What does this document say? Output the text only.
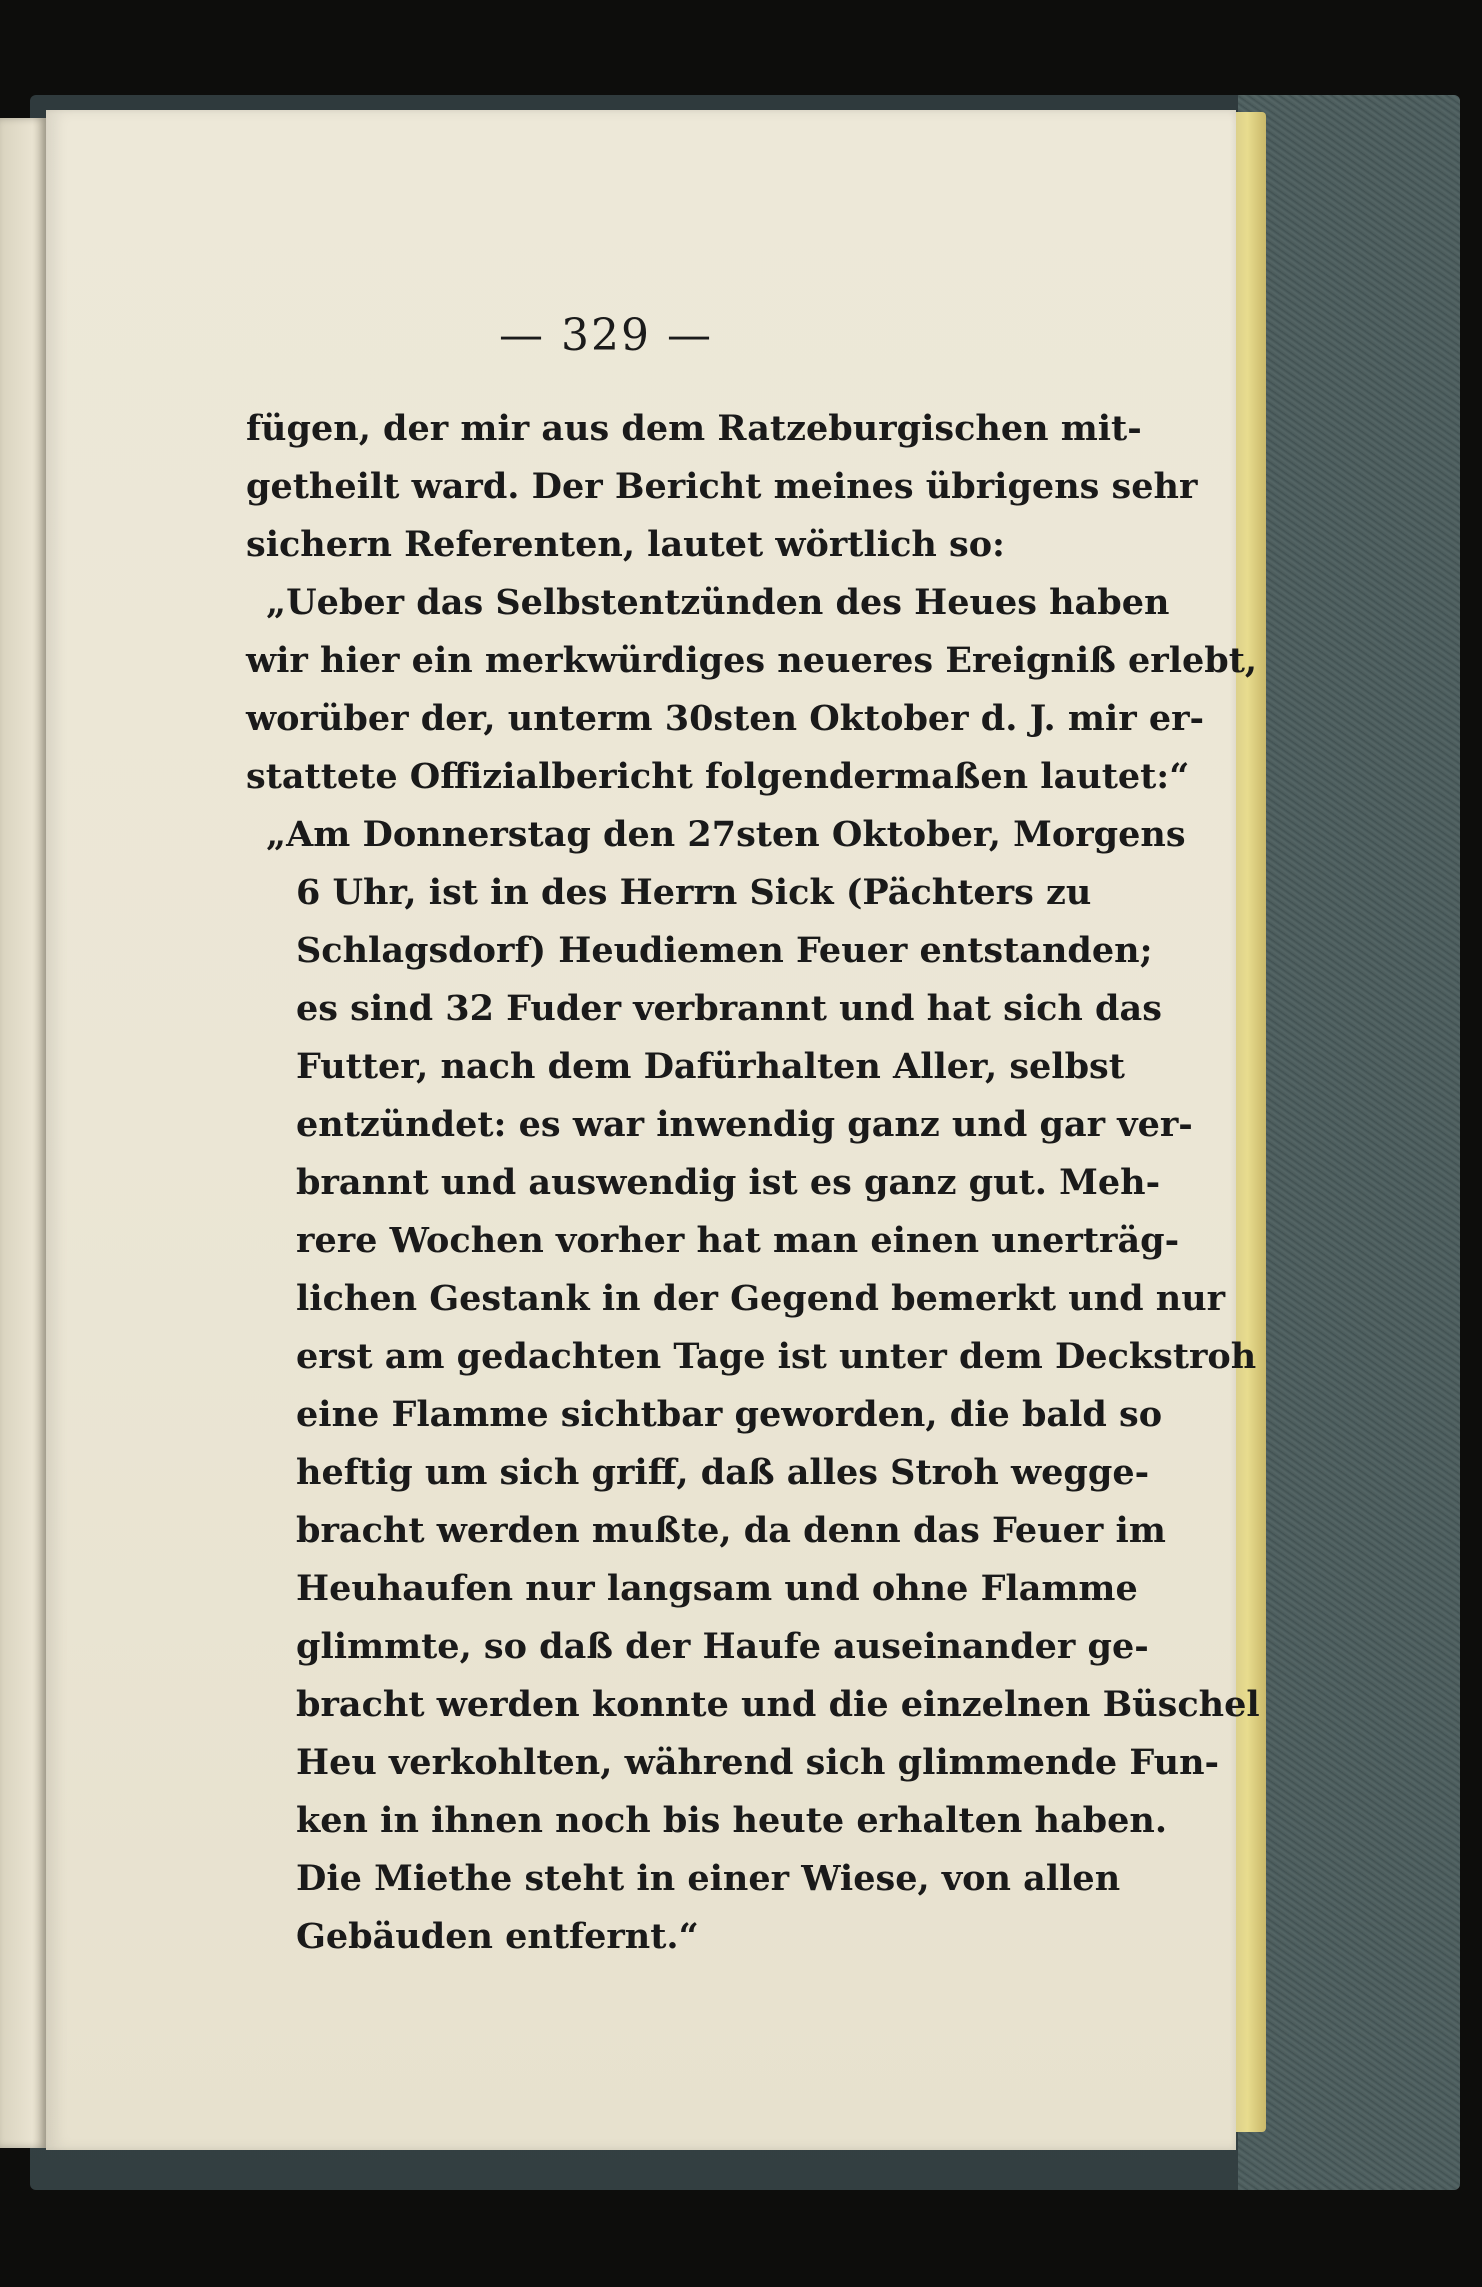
— 329 —
fügen, der mir aus dem Ratzeburgischen mit-
getheilt ward. Der Bericht meines übrigens sehr
sichern Referenten, lautet wörtlich so:
„Ueber das Selbstentzünden des Heues haben
wir hier ein merkwürdiges neueres Ereigniß erlebt,
worüber der, unterm 30sten Oktober d. J. mir er-
stattete Offizialbericht folgendermaßen lautet:“
„Am Donnerstag den 27sten Oktober, Morgens
6 Uhr, ist in des Herrn Sick (Pächters zu
Schlagsdorf) Heudiemen Feuer entstanden;
es sind 32 Fuder verbrannt und hat sich das
Futter, nach dem Dafürhalten Aller, selbst
entzündet: es war inwendig ganz und gar ver-
brannt und auswendig ist es ganz gut. Meh-
rere Wochen vorher hat man einen unerträg-
lichen Gestank in der Gegend bemerkt und nur
erst am gedachten Tage ist unter dem Deckstroh
eine Flamme sichtbar geworden, die bald so
heftig um sich griff, daß alles Stroh wegge-
bracht werden mußte, da denn das Feuer im
Heuhaufen nur langsam und ohne Flamme
glimmte, so daß der Haufe auseinander ge-
bracht werden konnte und die einzelnen Büschel
Heu verkohlten, während sich glimmende Fun-
ken in ihnen noch bis heute erhalten haben.
Die Miethe steht in einer Wiese, von allen
Gebäuden entfernt.“
